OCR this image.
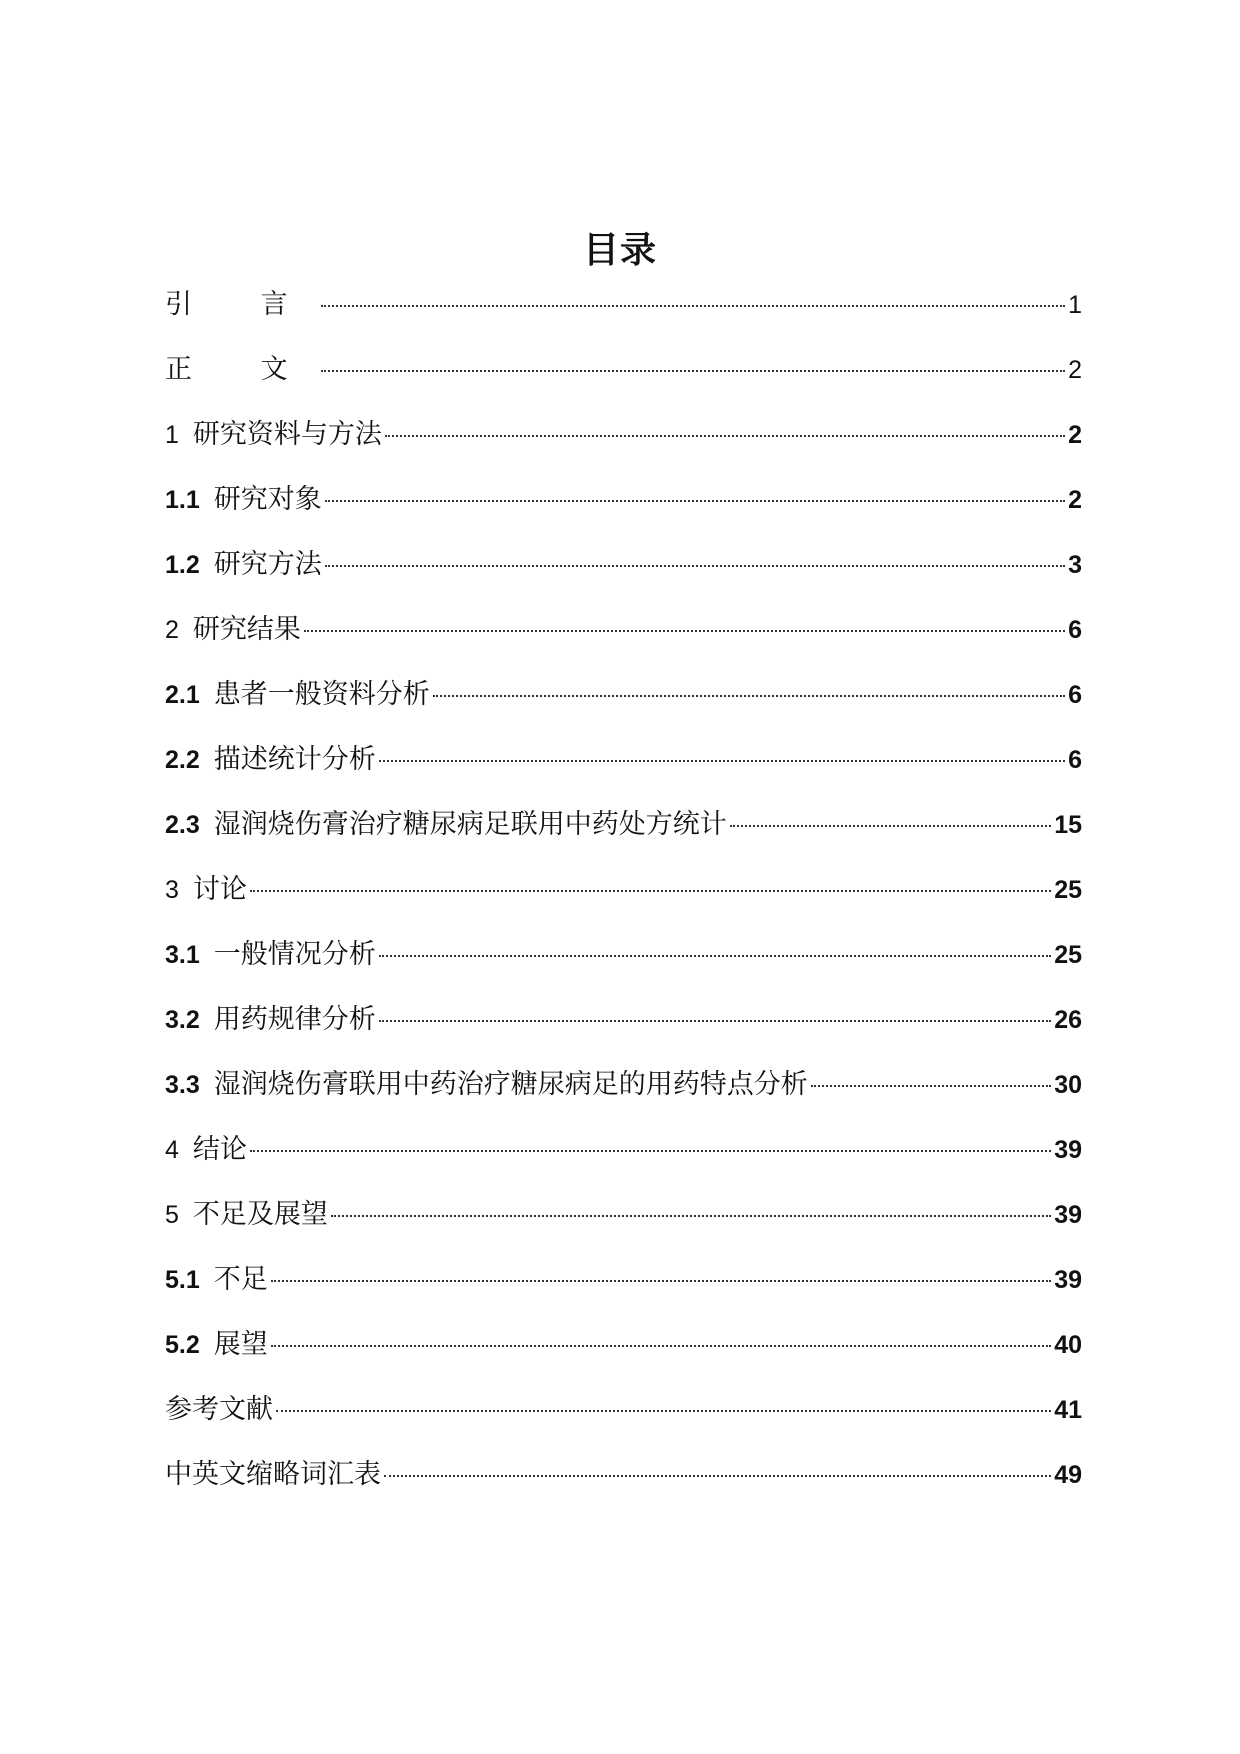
目录
引 言	1
正 文	2
1 研究资料与方法	2
1.1 研究对象	2
1.2 研究方法	3
2 研究结果	6
2.1 患者一般资料分析	6
2.2 描述统计分析	6
2.3 湿润烧伤膏治疗糖尿病足联用中药处方统计	15
3 讨论	25
3.1 一般情况分析	25
3.2 用药规律分析	26
3.3 湿润烧伤膏联用中药治疗糖尿病足的用药特点分析	30
4 结论	39
5 不足及展望	39
5.1 不足	39
5.2 展望	40
参考文献	41
中英文缩略词汇表	49
